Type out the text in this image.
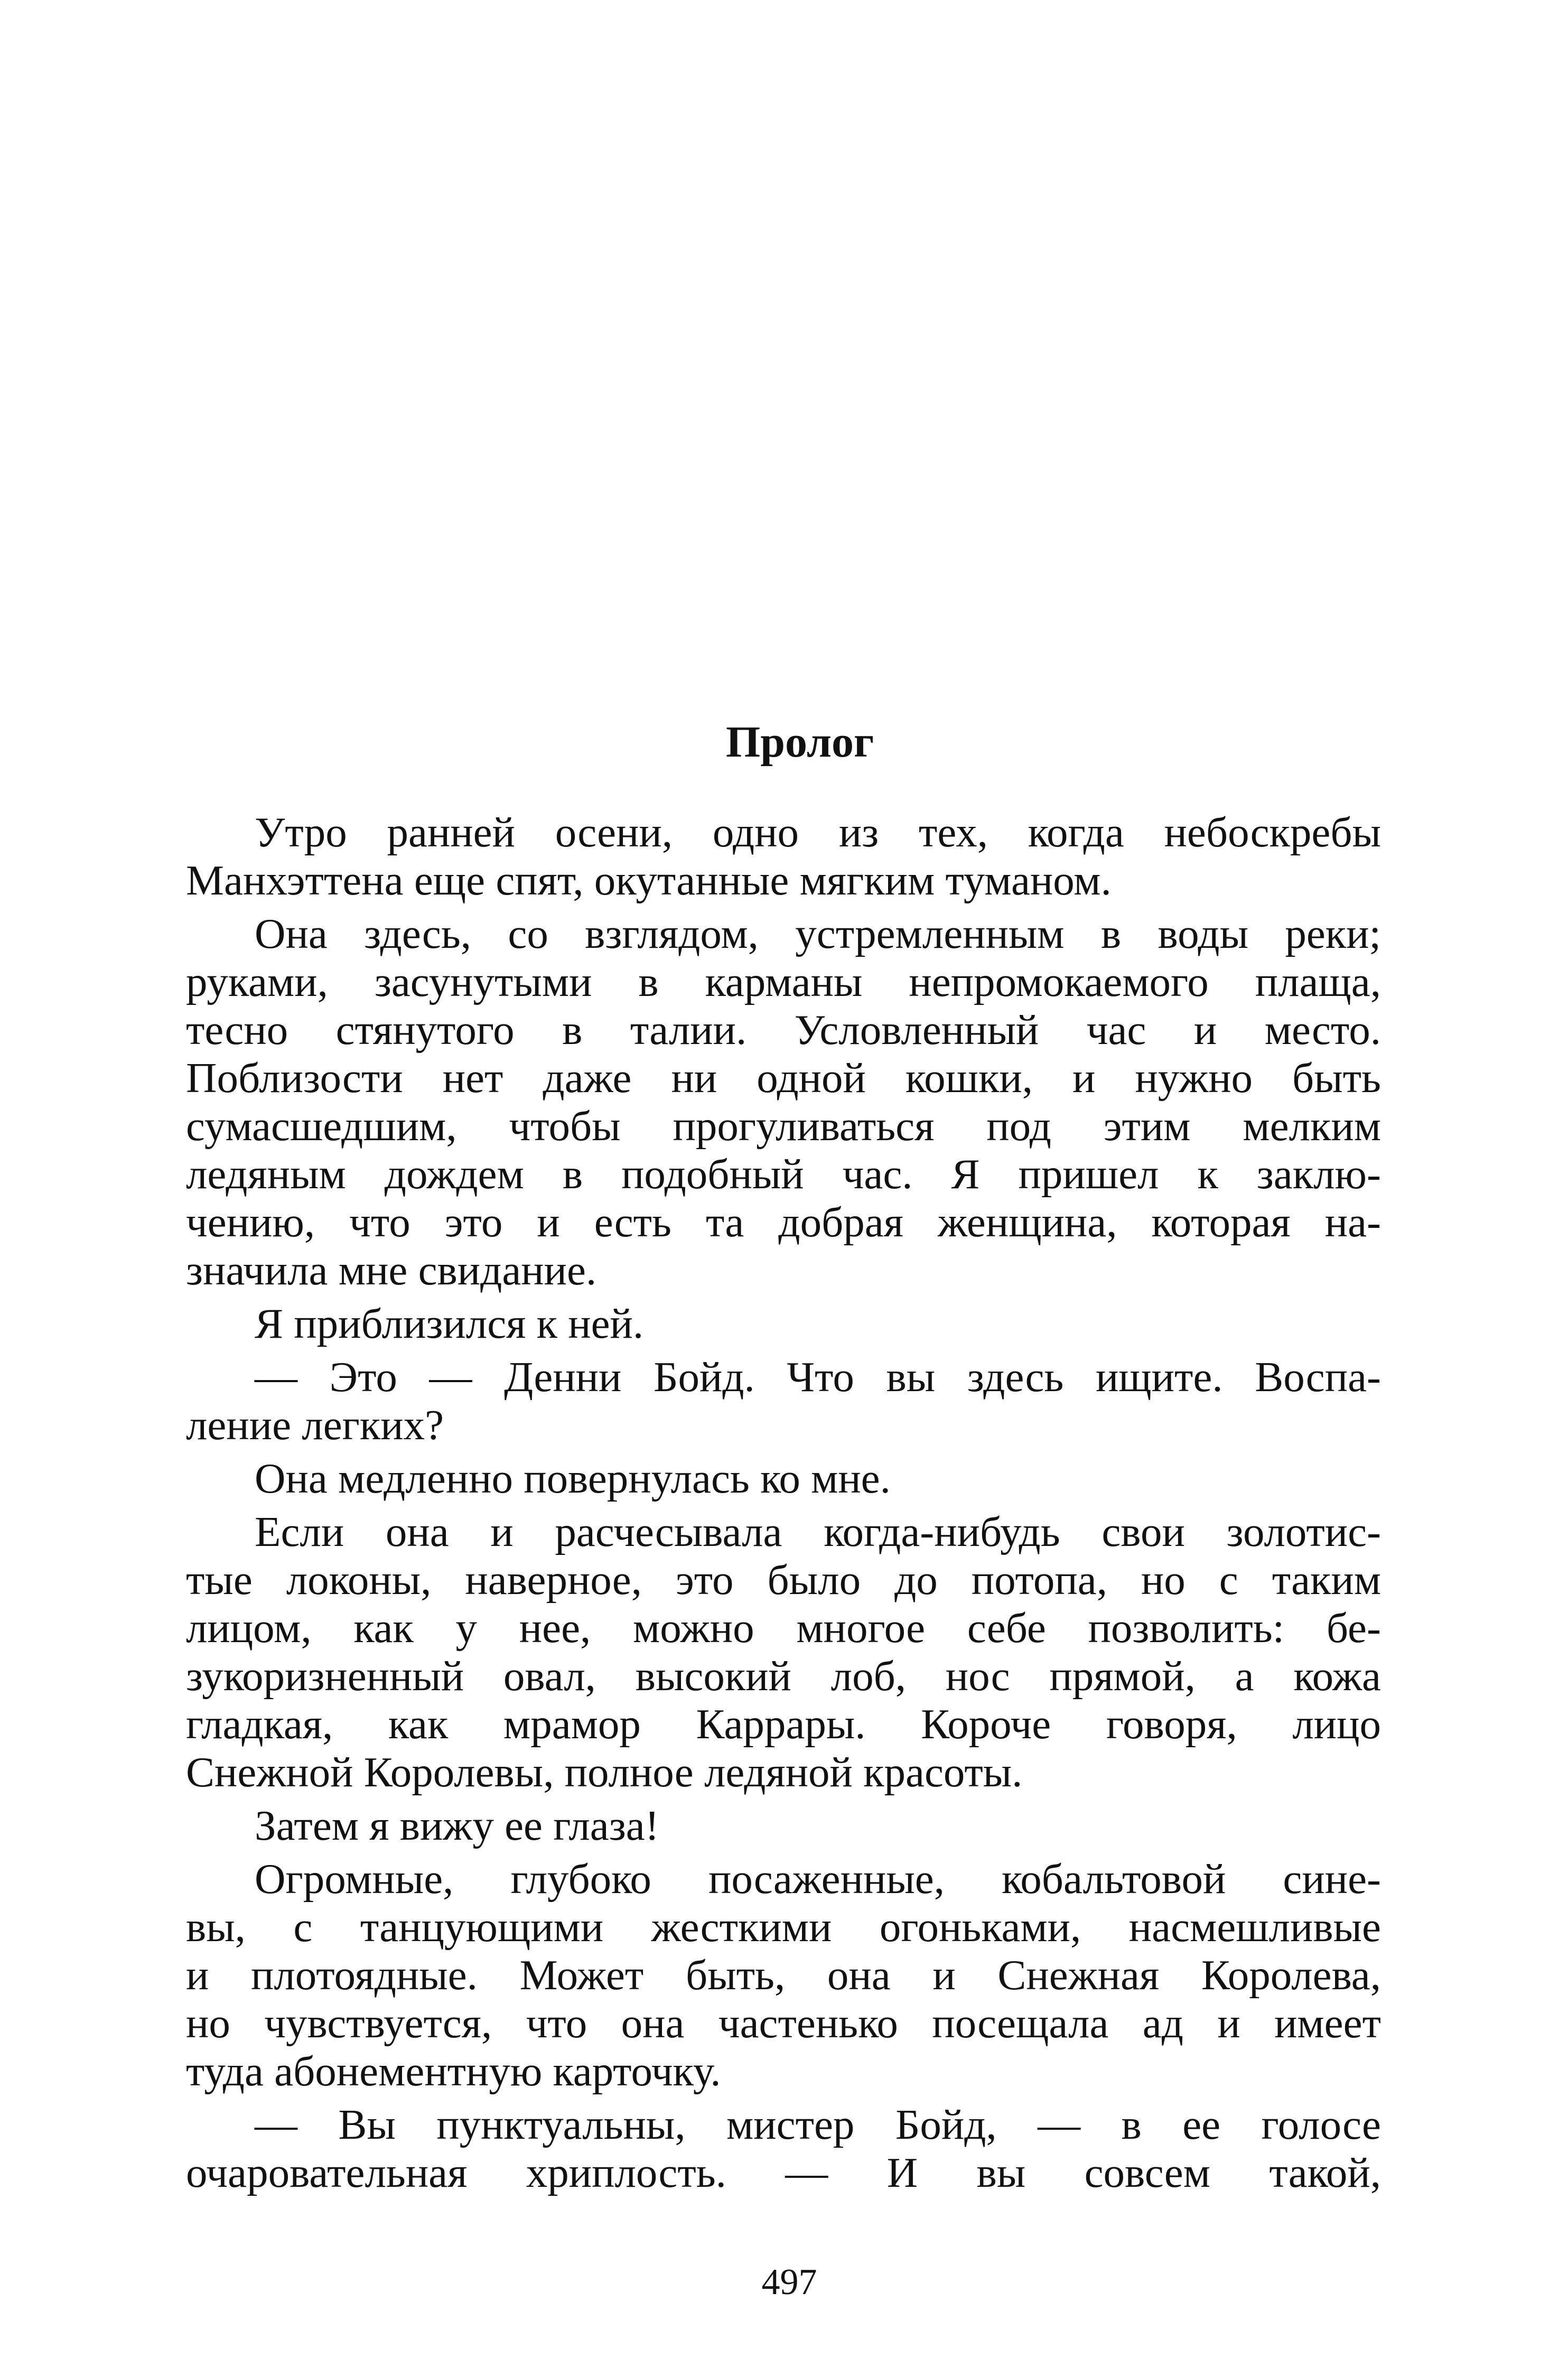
Пролог
Утро ранней осени, одно из тех, когда небоскребы
Манхэттена еще спят, окутанные мягким туманом.
Она здесь, со взглядом, устремленным в воды реки;
руками, засунутыми в карманы непромокаемого плаща,
тесно стянутого в талии. Условленный час и место.
Поблизости нет даже ни одной кошки, и нужно быть
сумасшедшим, чтобы прогуливаться под этим мелким
ледяным дождем в подобный час. Я пришел к заклю-
чению, что это и есть та добрая женщина, которая на-
значила мне свидание.
Я приблизился к ней.
— Это — Денни Бойд. Что вы здесь ищите. Воспа-
ление легких?
Она медленно повернулась ко мне.
Если она и расчесывала когда-нибудь свои золотис-
тые локоны, наверное, это было до потопа, но с таким
лицом, как у нее, можно многое себе позволить: бе-
зукоризненный овал, высокий лоб, нос прямой, а кожа
гладкая, как мрамор Каррары. Короче говоря, лицо
Снежной Королевы, полное ледяной красоты.
Затем я вижу ее глаза!
Огромные, глубоко посаженные, кобальтовой сине-
вы, с танцующими жесткими огоньками, насмешливые
и плотоядные. Может быть, она и Снежная Королева,
но чувствуется, что она частенько посещала ад и имеет
туда абонементную карточку.
— Вы пунктуальны, мистер Бойд, — в ее голосе
очаровательная хриплость. — И вы совсем такой,
497
